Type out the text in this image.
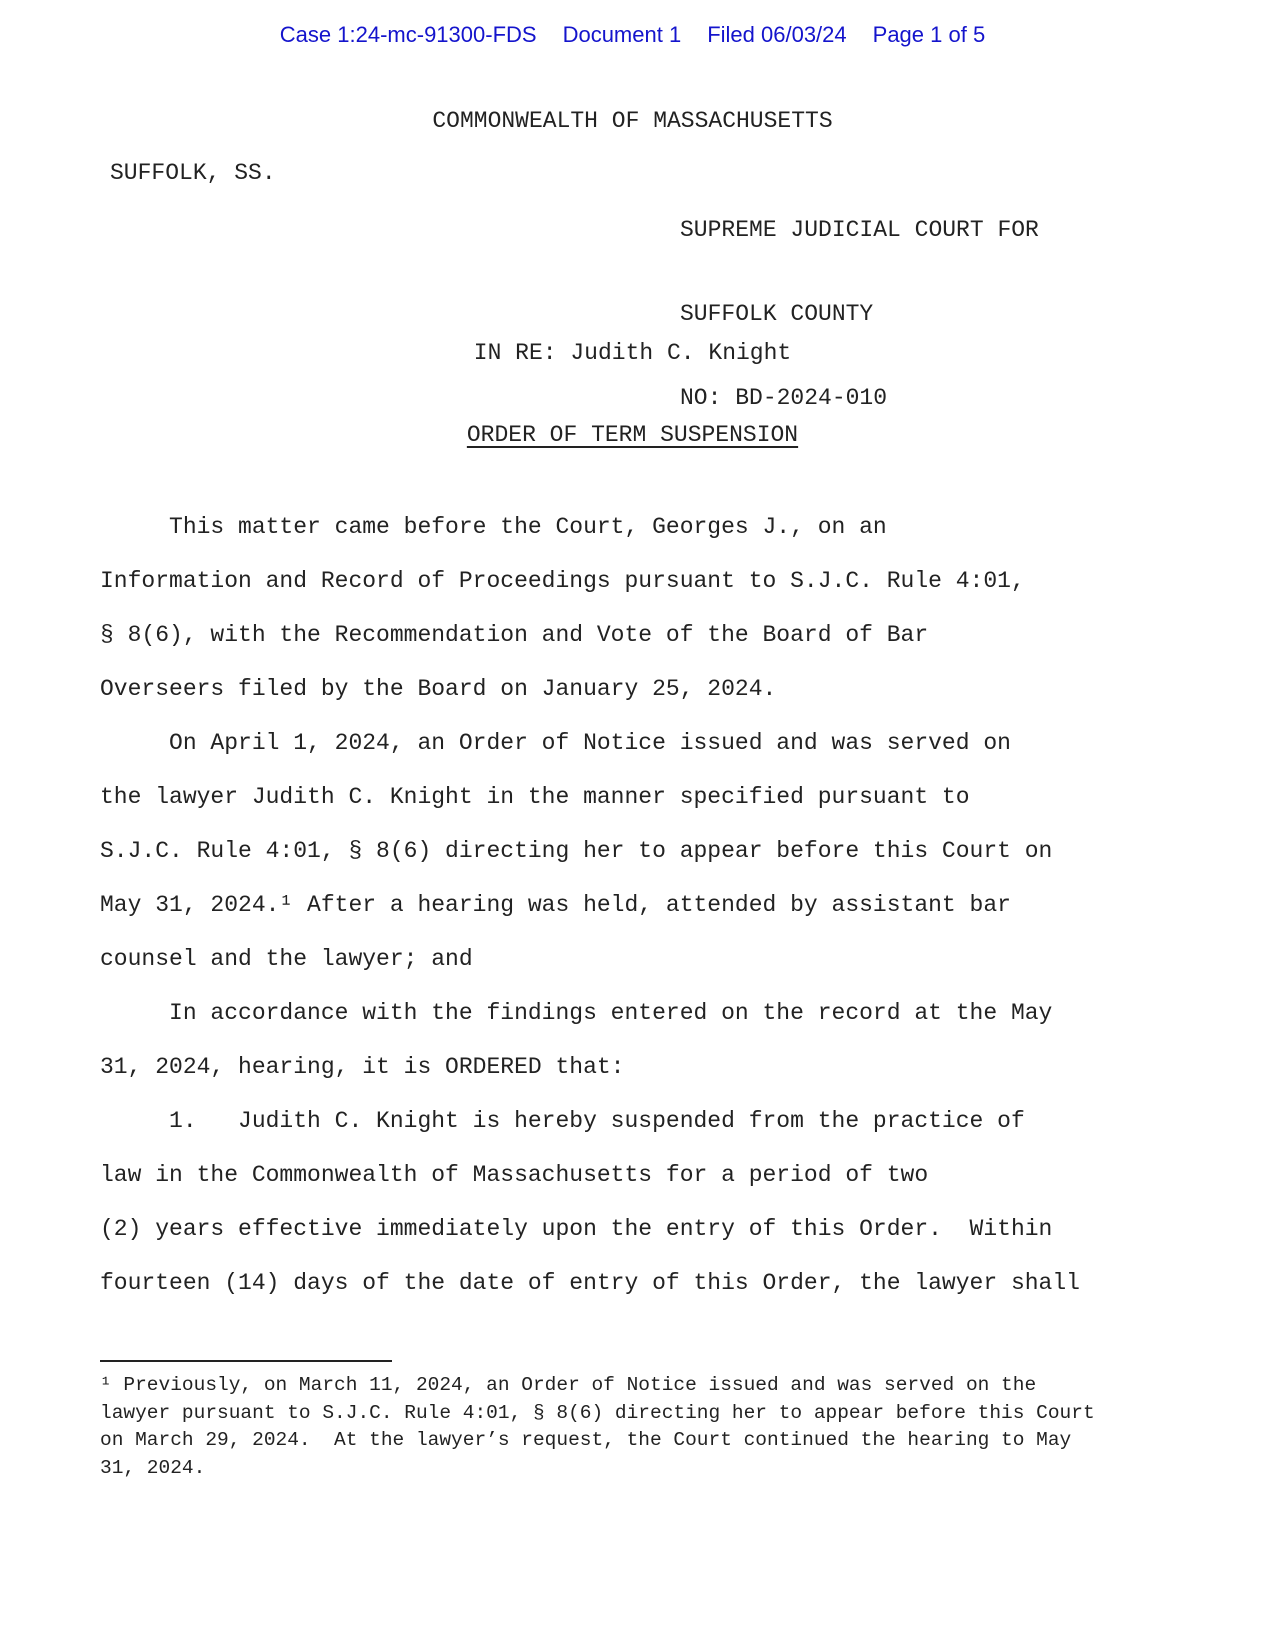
Case 1:24-mc-91300-FDS Document 1 Filed 06/03/24 Page 1 of 5
COMMONWEALTH OF MASSACHUSETTS
SUFFOLK, SS.

SUPREME JUDICIAL COURT FOR

SUFFOLK COUNTY

NO: BD-2024-010

IN RE: Judith C. Knight
ORDER OF TERM SUSPENSION
This matter came before the Court, Georges J., on an
Information and Record of Proceedings pursuant to S.J.C. Rule 4:01,
§ 8(6), with the Recommendation and Vote of the Board of Bar
Overseers filed by the Board on January 25, 2024.
On April 1, 2024, an Order of Notice issued and was served on
the lawyer Judith C. Knight in the manner specified pursuant to
S.J.C. Rule 4:01, § 8(6) directing her to appear before this Court on
May 31, 2024.¹ After a hearing was held, attended by assistant bar
counsel and the lawyer; and
In accordance with the findings entered on the record at the May
31, 2024, hearing, it is ORDERED that:
1.   Judith C. Knight is hereby suspended from the practice of
law in the Commonwealth of Massachusetts for a period of two
(2) years effective immediately upon the entry of this Order.  Within
fourteen (14) days of the date of entry of this Order, the lawyer shall
¹ Previously, on March 11, 2024, an Order of Notice issued and was served on the
lawyer pursuant to S.J.C. Rule 4:01, § 8(6) directing her to appear before this Court
on March 29, 2024.  At the lawyer’s request, the Court continued the hearing to May
31, 2024.
